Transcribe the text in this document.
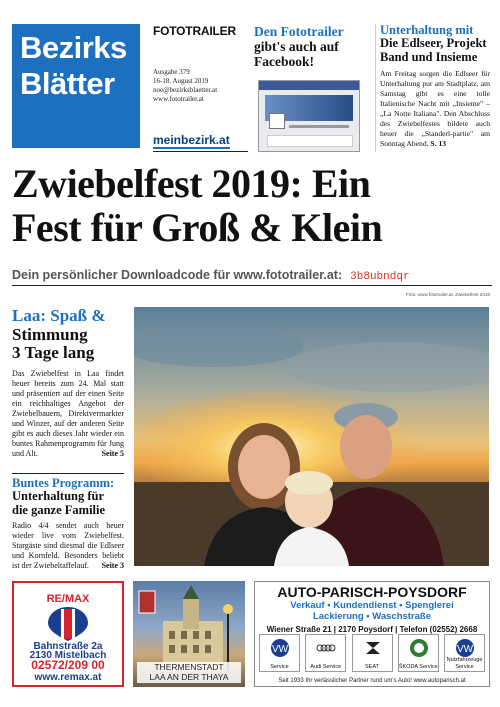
Bezirks
Blätter
FOTOTRAILER
Ausgabe 379
16-18. August 2019
noe@bezirksblaetter.at
www.fototrailer.at
meinbezirk.at
Den Fototrailer
gibt's auch auf
Facebook!
Unterhaltung mit
Die Edlseer, Projekt
Band und Insieme
Am Freitag sorgen die Edlseer für Unterhaltung pur am Stadtplatz, am Samstag gibt es eine tolle Italienische Nacht mit „Insieme" – „La Notte Italiana". Den Abschluss des Zwiebelfestes bildete auch heuer die „Standerl-partie" am Sonntag Abend. S. 13
Zwiebelfest 2019: Ein
Fest für Groß & Klein
Dein persönlicher Downloadcode für www.fototrailer.at: 3b8ubndqr
Foto: www.fototrailer.at, Zwiebelfest 2019
Laa: Spaß &
Stimmung
3 Tage lang
Das Zwiebelfest in Laa findet heuer bereits zum 24. Mal statt und präsentiert auf der einen Seite ein reichhaltiges Angebot der Zwiebelbauern, Direktvermarkter und Winzer, auf der anderen Seite gibt es auch dieses Jahr wieder ein buntes Rahmenprogramm für Jung und Alt.	Seite 5
Buntes Programm:
Unterhaltung für
die ganze Familie
Radio 4/4 sendet auch heuer wieder live vom Zwiebelfest. Stargäste sind diesmal die Edlseer und Kornfeld. Besonders beliebt ist der Zwiebeltaffelauf. Seite 3
RE/MAX
Bahnstraße 2a
2130 Mistelbach
02572/209 00
www.remax.at
THERMENSTADT
LAA AN DER THAYA
AUTO-PARISCH-POYSDORF
Verkauf • Kundendienst • Spenglerei
Lackierung • Waschstraße
Wiener Straße 21 | 2170 Poysdorf | Telefon (02552) 2668
VW
Service	Audi Service	SEAT	ŠKODA Service
VW
Nutzfahrzeuge Service
Seit 1933 Ihr verlässlicher Partner rund um's Auto! www.autoparisch.at
